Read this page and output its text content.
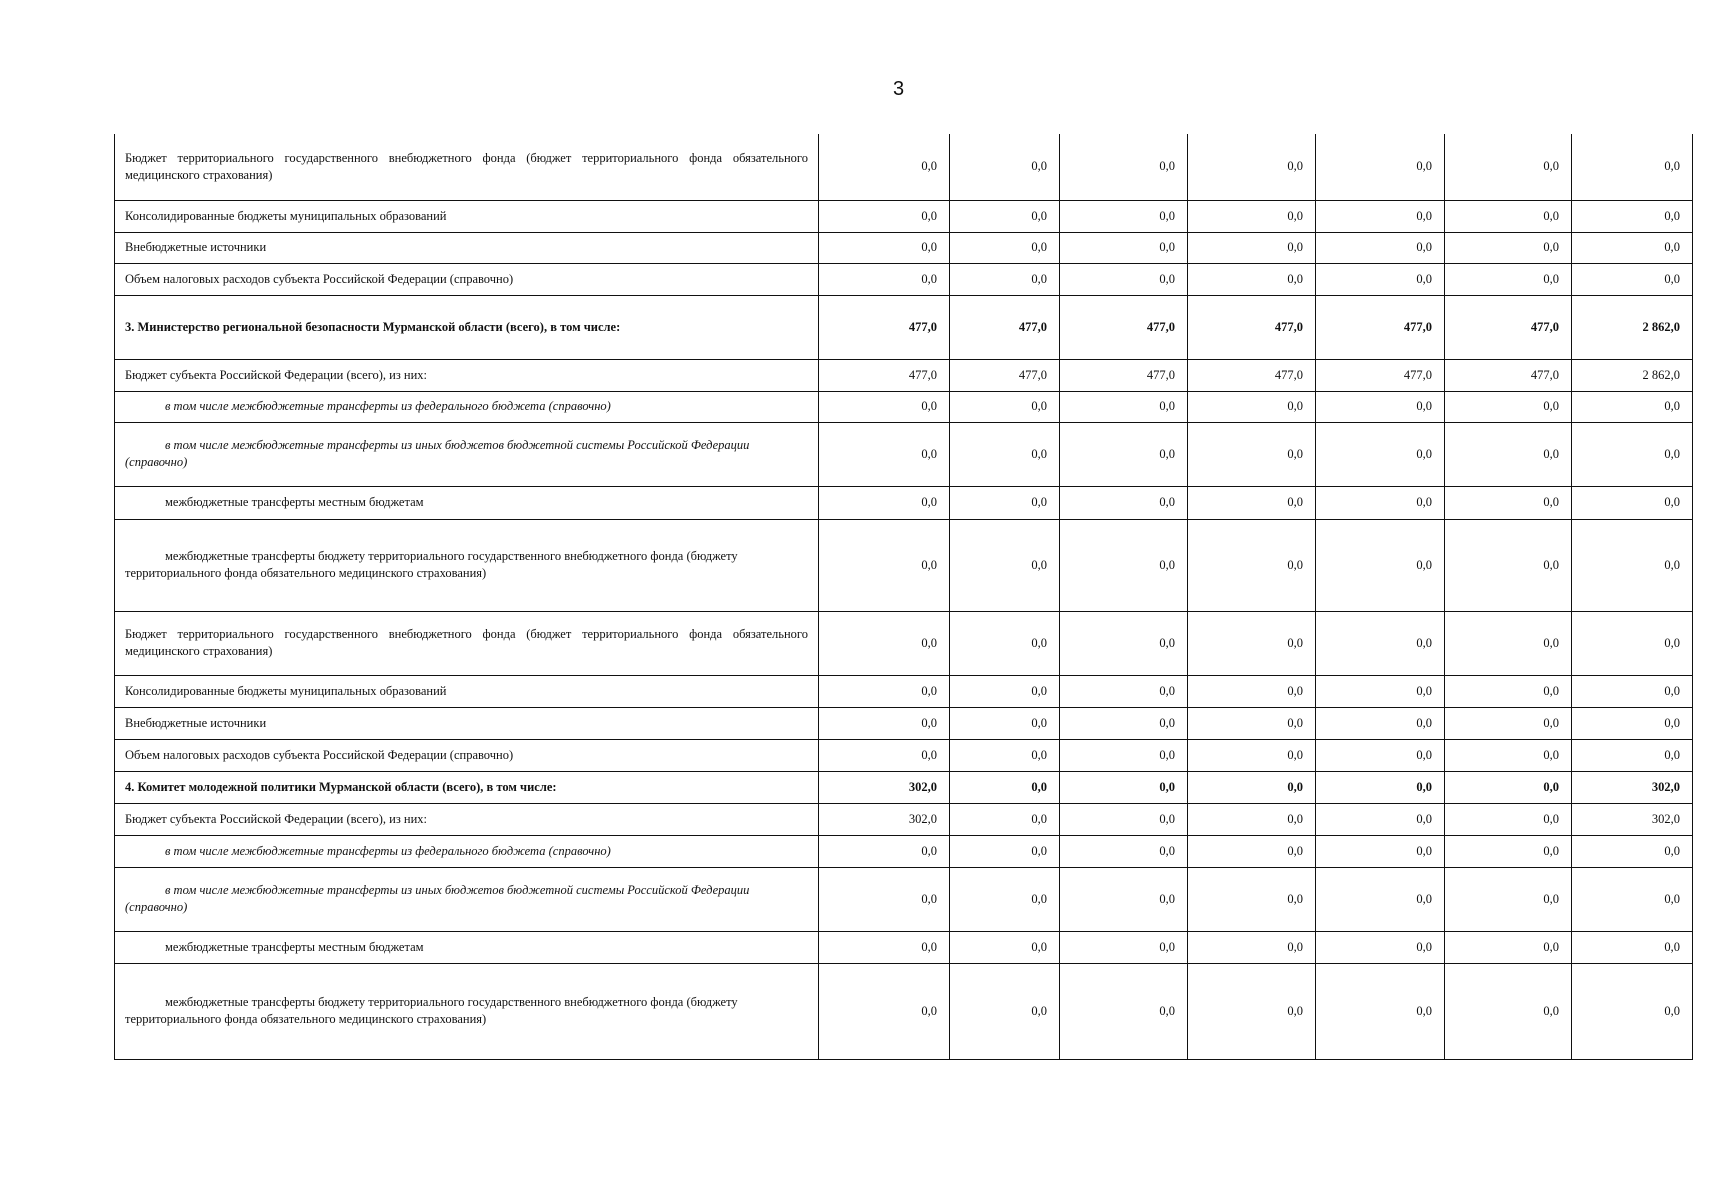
3
Бюджет территориального государственного внебюджетного фонда (бюджет территориального фонда обязательного медицинского страхования)	0,0	0,0	0,0	0,0	0,0	0,0	0,0
Консолидированные бюджеты муниципальных образований	0,0	0,0	0,0	0,0	0,0	0,0	0,0
Внебюджетные источники	0,0	0,0	0,0	0,0	0,0	0,0	0,0
Объем налоговых расходов субъекта Российской Федерации (справочно)	0,0	0,0	0,0	0,0	0,0	0,0	0,0
3. Министерство региональной безопасности Мурманской области (всего), в том числе:	477,0	477,0	477,0	477,0	477,0	477,0	2 862,0
Бюджет субъекта Российской Федерации (всего), из них:	477,0	477,0	477,0	477,0	477,0	477,0	2 862,0
в том числе межбюджетные трансферты из федерального бюджета (справочно)	0,0	0,0	0,0	0,0	0,0	0,0	0,0
в том числе межбюджетные трансферты из иных бюджетов бюджетной системы Российской Федерации (справочно)	0,0	0,0	0,0	0,0	0,0	0,0	0,0
межбюджетные трансферты местным бюджетам	0,0	0,0	0,0	0,0	0,0	0,0	0,0
межбюджетные трансферты бюджету территориального государственного внебюджетного фонда (бюджету территориального фонда обязательного медицинского страхования)	0,0	0,0	0,0	0,0	0,0	0,0	0,0
Бюджет территориального государственного внебюджетного фонда (бюджет территориального фонда обязательного медицинского страхования)	0,0	0,0	0,0	0,0	0,0	0,0	0,0
Консолидированные бюджеты муниципальных образований	0,0	0,0	0,0	0,0	0,0	0,0	0,0
Внебюджетные источники	0,0	0,0	0,0	0,0	0,0	0,0	0,0
Объем налоговых расходов субъекта Российской Федерации (справочно)	0,0	0,0	0,0	0,0	0,0	0,0	0,0
4. Комитет молодежной политики Мурманской области (всего), в том числе:	302,0	0,0	0,0	0,0	0,0	0,0	302,0
Бюджет субъекта Российской Федерации (всего), из них:	302,0	0,0	0,0	0,0	0,0	0,0	302,0
в том числе межбюджетные трансферты из федерального бюджета (справочно)	0,0	0,0	0,0	0,0	0,0	0,0	0,0
в том числе межбюджетные трансферты из иных бюджетов бюджетной системы Российской Федерации (справочно)	0,0	0,0	0,0	0,0	0,0	0,0	0,0
межбюджетные трансферты местным бюджетам	0,0	0,0	0,0	0,0	0,0	0,0	0,0
межбюджетные трансферты бюджету территориального государственного внебюджетного фонда (бюджету территориального фонда обязательного медицинского страхования)	0,0	0,0	0,0	0,0	0,0	0,0	0,0
